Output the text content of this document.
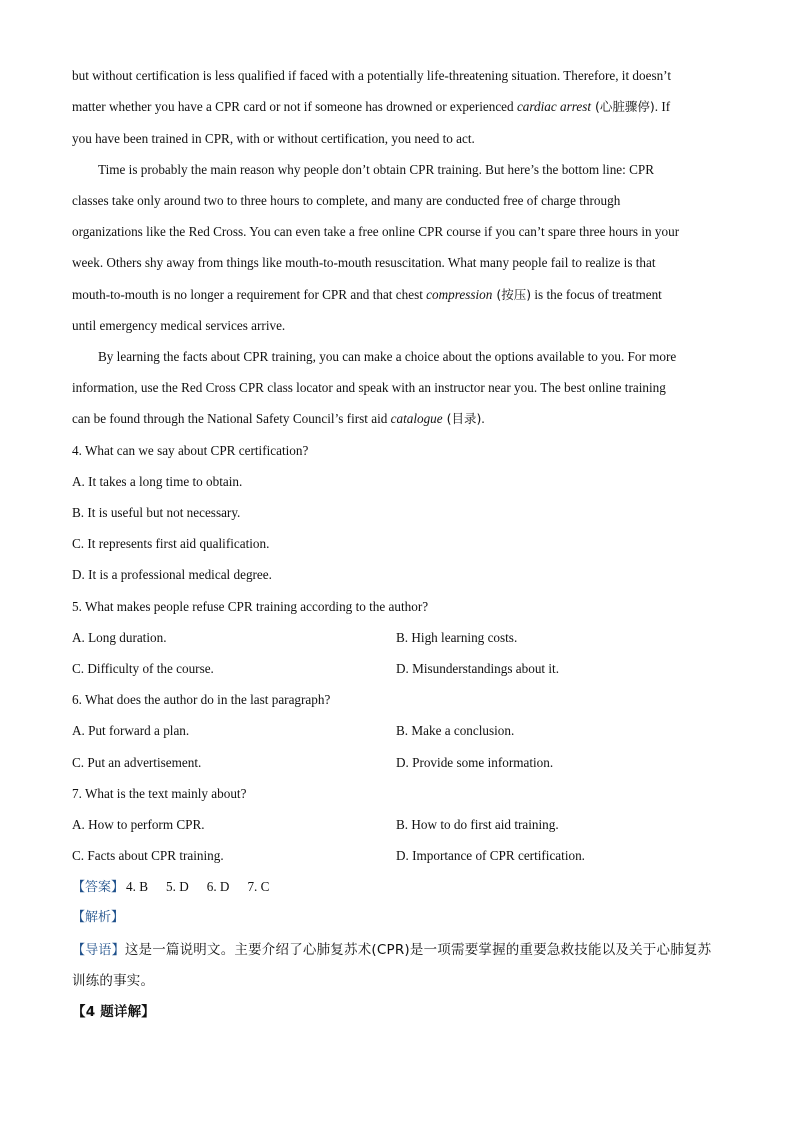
but without certification is less qualified if faced with a potentially life-threatening situation. Therefore, it doesn’t
matter whether you have a CPR card or not if someone has drowned or experienced cardiac arrest (心脏骤停). If
you have been trained in CPR, with or without certification, you need to act.
Time is probably the main reason why people don’t obtain CPR training. But here’s the bottom line: CPR
classes take only around two to three hours to complete, and many are conducted free of charge through
organizations like the Red Cross. You can even take a free online CPR course if you can’t spare three hours in your
week. Others shy away from things like mouth-to-mouth resuscitation. What many people fail to realize is that
mouth-to-mouth is no longer a requirement for CPR and that chest compression (按压) is the focus of treatment
until emergency medical services arrive.
By learning the facts about CPR training, you can make a choice about the options available to you. For more
information, use the Red Cross CPR class locator and speak with an instructor near you. The best online training
can be found through the National Safety Council’s first aid catalogue (目录).
4. What can we say about CPR certification?
A. It takes a long time to obtain.
B. It is useful but not necessary.
C. It represents first aid qualification.
D. It is a professional medical degree.
5. What makes people refuse CPR training according to the author?
A. Long duration.	B. High learning costs.
C. Difficulty of the course.	D. Misunderstandings about it.
6. What does the author do in the last paragraph?
A. Put forward a plan.	B. Make a conclusion.
C. Put an advertisement.	D. Provide some information.
7. What is the text mainly about?
A. How to perform CPR.	B. How to do first aid training.
C. Facts about CPR training.	D. Importance of CPR certification.
【答案】 4. B 5. D 6. D 7. C
【解析】
【导语】这是一篇说明文。主要介绍了心肺复苏术(CPR)是一项需要掌握的重要急救技能以及关于心肺复苏
训练的事实。
【4 题详解】
